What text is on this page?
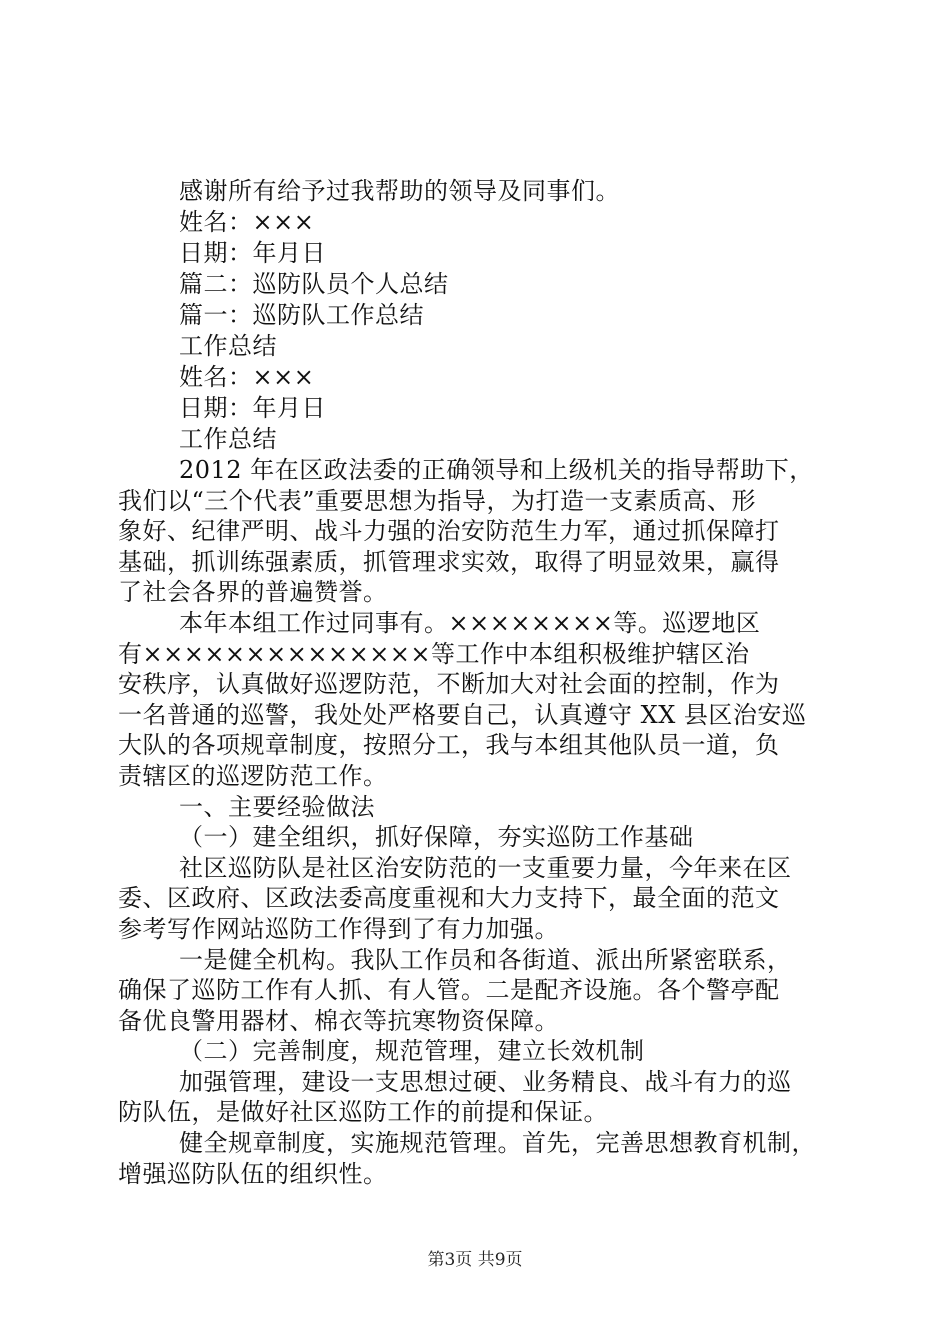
感谢所有给予过我帮助的领导及同事们。
姓名：×××
日期：年月日
篇二：巡防队员个人总结
篇一：巡防队工作总结
工作总结
姓名：×××
日期：年月日
工作总结
2012 年在区政法委的正确领导和上级机关的指导帮助下，
我们以“三个代表”重要思想为指导，为打造一支素质高、形
象好、纪律严明、战斗力强的治安防范生力军，通过抓保障打
基础，抓训练强素质，抓管理求实效，取得了明显效果，赢得
了社会各界的普遍赞誉。
本年本组工作过同事有。××××××××等。巡逻地区
有××××××××××××××等工作中本组积极维护辖区治
安秩序，认真做好巡逻防范，不断加大对社会面的控制，作为
一名普通的巡警，我处处严格要自己，认真遵守 XX 县区治安巡
大队的各项规章制度，按照分工，我与本组其他队员一道，负
责辖区的巡逻防范工作。
一、主要经验做法
（一）建全组织，抓好保障，夯实巡防工作基础
社区巡防队是社区治安防范的一支重要力量，今年来在区
委、区政府、区政法委高度重视和大力支持下，最全面的范文
参考写作网站巡防工作得到了有力加强。
一是健全机构。我队工作员和各街道、派出所紧密联系，
确保了巡防工作有人抓、有人管。二是配齐设施。各个警亭配
备优良警用器材、棉衣等抗寒物资保障。
（二）完善制度，规范管理，建立长效机制
加强管理，建设一支思想过硬、业务精良、战斗有力的巡
防队伍，是做好社区巡防工作的前提和保证。
健全规章制度，实施规范管理。首先，完善思想教育机制，
增强巡防队伍的组织性。
第3页 共9页
